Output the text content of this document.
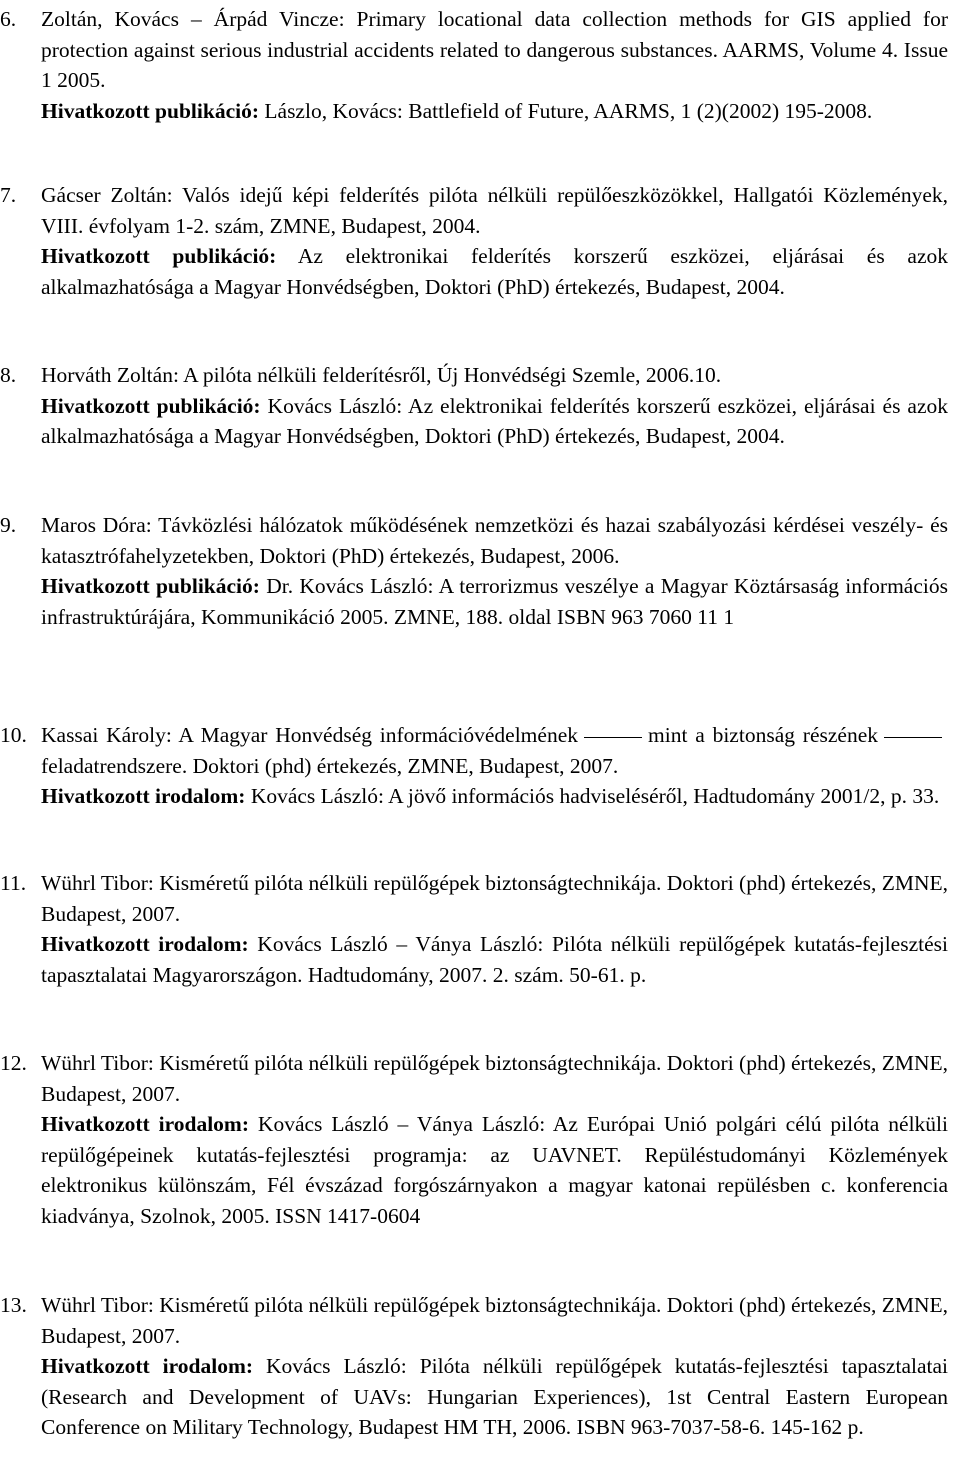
6. Zoltán, Kovács – Árpád Vincze: Primary locational data collection methods for GIS applied for protection against serious industrial accidents related to dangerous substances. AARMS, Volume 4. Issue 1 2005.

Hivatkozott publikáció: Lászlo, Kovács: Battlefield of Future, AARMS, 1 (2)(2002) 195-2008.

7. Gácser Zoltán: Valós idejű képi felderítés pilóta nélküli repülőeszközökkel, Hallgatói Közlemények, VIII. évfolyam 1-2. szám, ZMNE, Budapest, 2004.

Hivatkozott publikáció: Az elektronikai felderítés korszerű eszközei, eljárásai és azok alkalmazhatósága a Magyar Honvédségben, Doktori (PhD) értekezés, Budapest, 2004.

8. Horváth Zoltán: A pilóta nélküli felderítésről, Új Honvédségi Szemle, 2006.10.

Hivatkozott publikáció: Kovács László: Az elektronikai felderítés korszerű eszközei, eljárásai és azok alkalmazhatósága a Magyar Honvédségben, Doktori (PhD) értekezés, Budapest, 2004.

9. Maros Dóra: Távközlési hálózatok működésének nemzetközi és hazai szabályozási kérdései veszély- és katasztrófahelyzetekben, Doktori (PhD) értekezés, Budapest, 2006.

Hivatkozott publikáció: Dr. Kovács László: A terrorizmus veszélye a Magyar Köztársaság információs infrastruktúrájára, Kommunikáció 2005. ZMNE, 188. oldal ISBN 963 7060 11 1

10. Kassai Károly: A Magyar Honvédség információvédelmének	mint a biztonság részénekfeladatrendszere. Doktori (phd) értekezés, ZMNE, Budapest, 2007.

Hivatkozott irodalom: Kovács László: A jövő információs hadviseléséről, Hadtudomány 2001/2, p. 33.

11. Wührl Tibor: Kisméretű pilóta nélküli repülőgépek biztonságtechnikája. Doktori (phd) értekezés, ZMNE, Budapest, 2007.

Hivatkozott irodalom: Kovács László – Ványa László: Pilóta nélküli repülőgépek kutatás-fejlesztési tapasztalatai Magyarországon. Hadtudomány, 2007. 2. szám. 50-61. p.

12. Wührl Tibor: Kisméretű pilóta nélküli repülőgépek biztonságtechnikája. Doktori (phd) értekezés, ZMNE, Budapest, 2007.

Hivatkozott irodalom: Kovács László – Ványa László: Az Európai Unió polgári célú pilóta nélküli repülőgépeinek kutatás-fejlesztési programja: az UAVNET. Repüléstudományi Közlemények elektronikus különszám, Fél évszázad forgószárnyakon a magyar katonai repülésben c. konferencia kiadványa, Szolnok, 2005. ISSN 1417-0604

13. Wührl Tibor: Kisméretű pilóta nélküli repülőgépek biztonságtechnikája. Doktori (phd) értekezés, ZMNE, Budapest, 2007.

Hivatkozott irodalom: Kovács László: Pilóta nélküli repülőgépek kutatás-fejlesztési tapasztalatai (Research and Development of UAVs: Hungarian Experiences), 1st Central Eastern European Conference on Military Technology, Budapest HM TH, 2006. ISBN 963-7037-58-6. 145-162 p.
